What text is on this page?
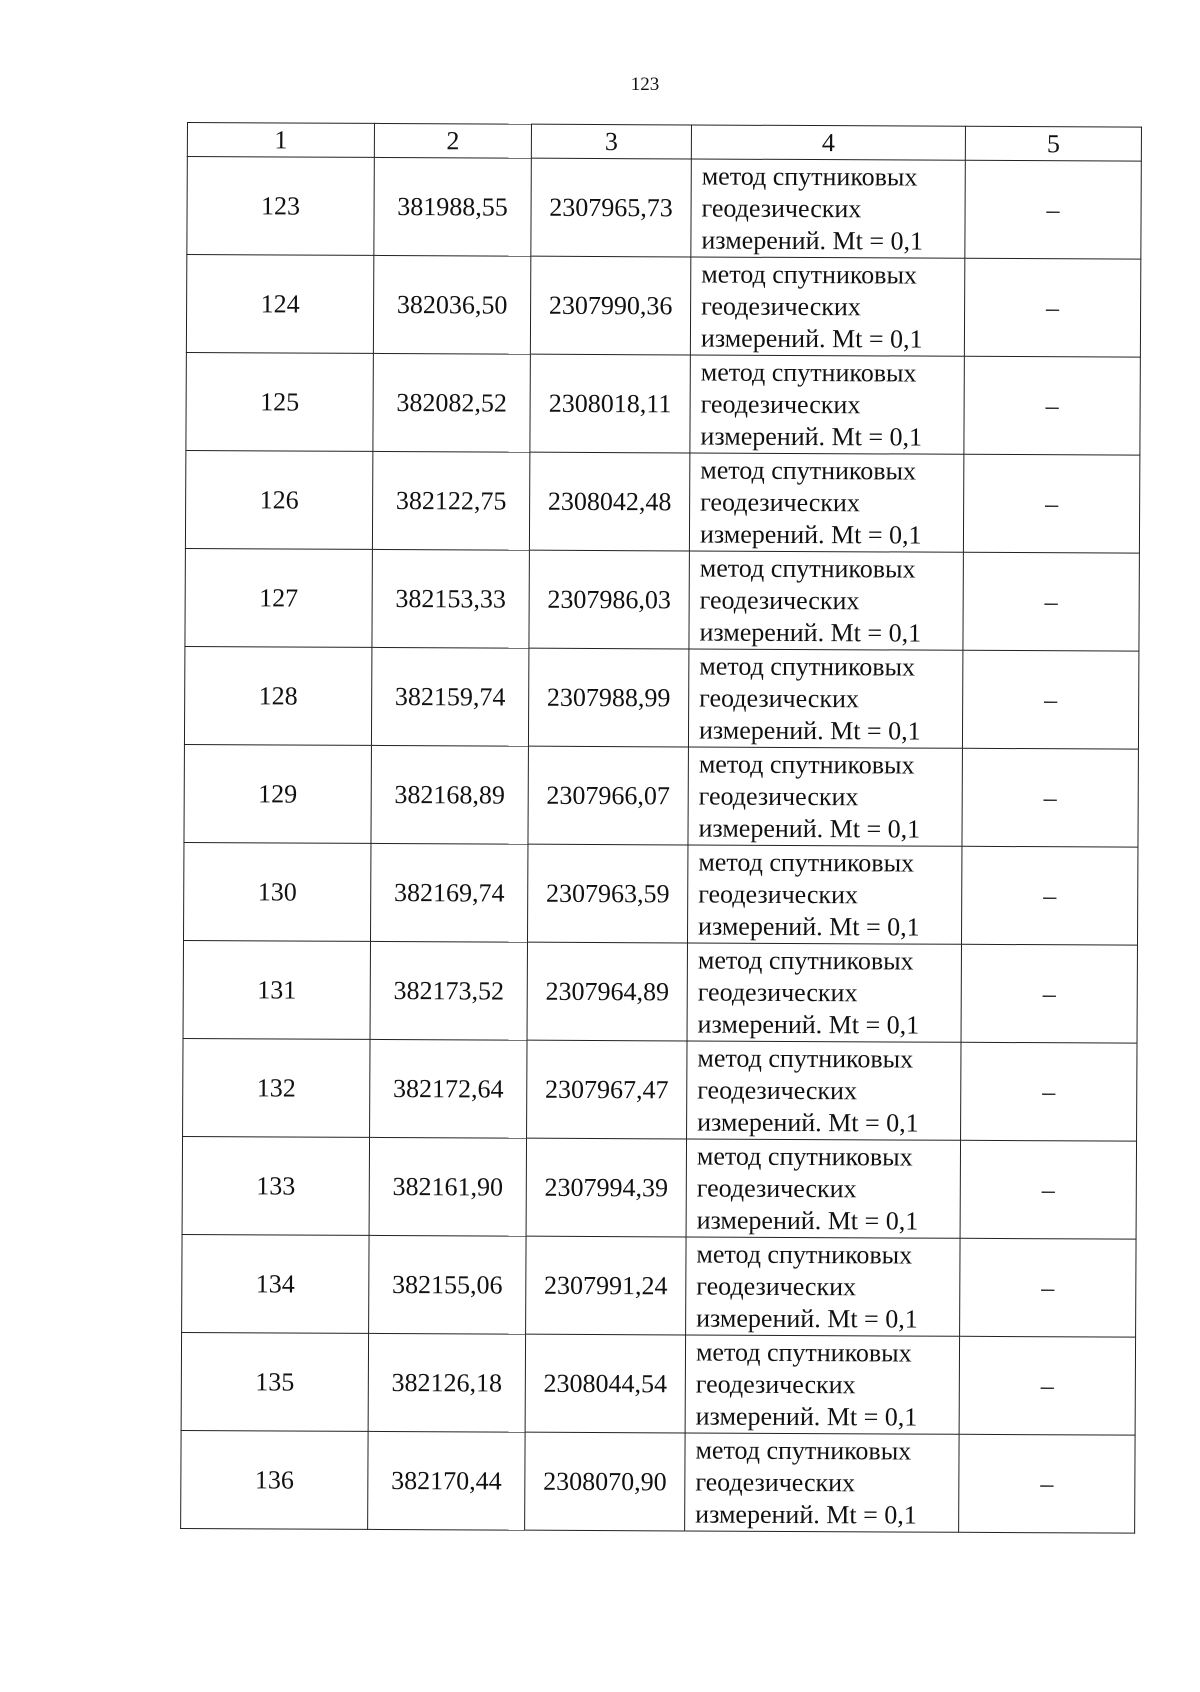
123
1	2	3	4	5
123	381988,55	2307965,73	метод спутниковых
геодезических
измерений. Mt = 0,1	–
124	382036,50	2307990,36	метод спутниковых
геодезических
измерений. Mt = 0,1	–
125	382082,52	2308018,11	метод спутниковых
геодезических
измерений. Mt = 0,1	–
126	382122,75	2308042,48	метод спутниковых
геодезических
измерений. Mt = 0,1	–
127	382153,33	2307986,03	метод спутниковых
геодезических
измерений. Mt = 0,1	–
128	382159,74	2307988,99	метод спутниковых
геодезических
измерений. Mt = 0,1	–
129	382168,89	2307966,07	метод спутниковых
геодезических
измерений. Mt = 0,1	–
130	382169,74	2307963,59	метод спутниковых
геодезических
измерений. Mt = 0,1	–
131	382173,52	2307964,89	метод спутниковых
геодезических
измерений. Mt = 0,1	–
132	382172,64	2307967,47	метод спутниковых
геодезических
измерений. Mt = 0,1	–
133	382161,90	2307994,39	метод спутниковых
геодезических
измерений. Mt = 0,1	–
134	382155,06	2307991,24	метод спутниковых
геодезических
измерений. Mt = 0,1	–
135	382126,18	2308044,54	метод спутниковых
геодезических
измерений. Mt = 0,1	–
136	382170,44	2308070,90	метод спутниковых
геодезических
измерений. Mt = 0,1	–
